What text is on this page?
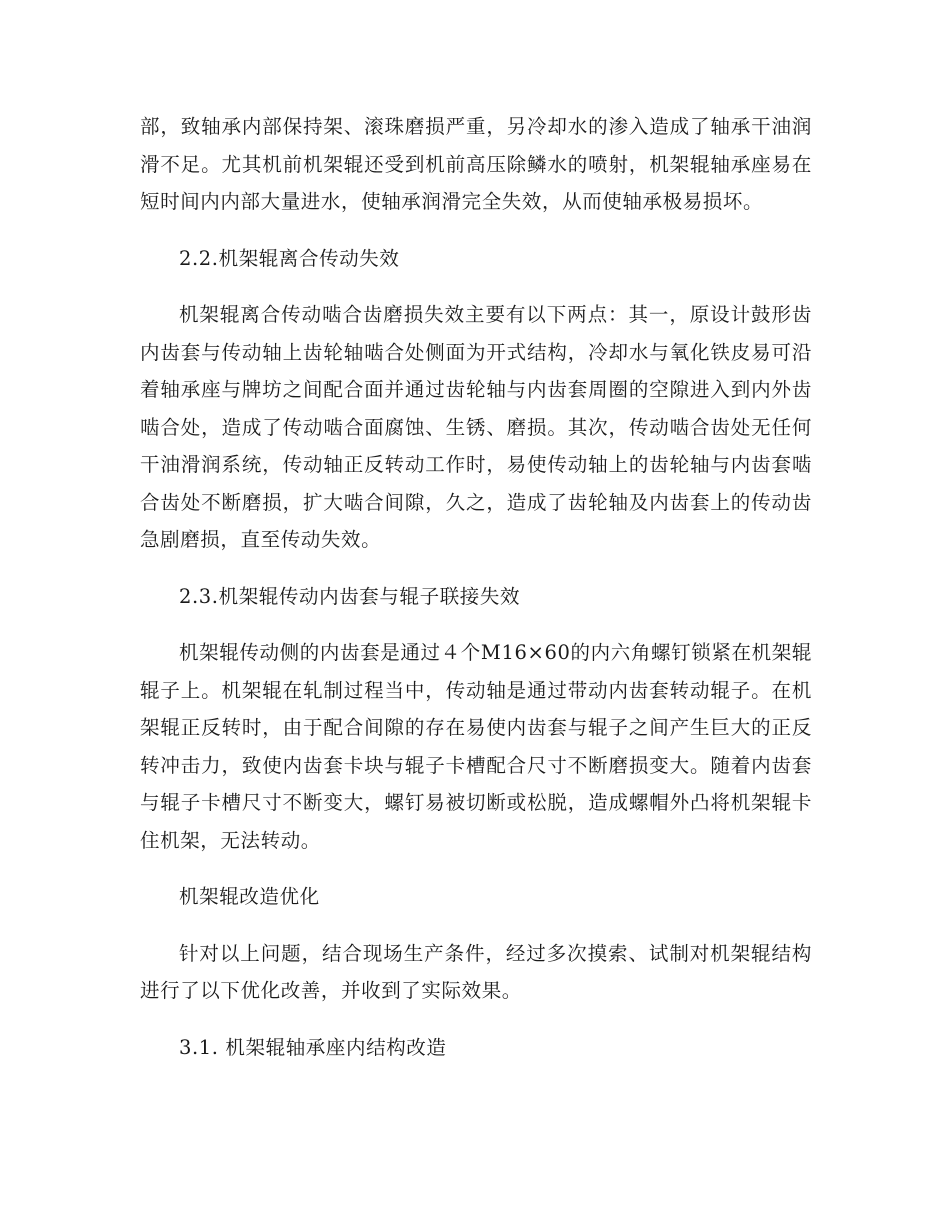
部，致轴承内部保持架、滚珠磨损严重，另冷却水的渗入造成了轴承干油润滑不足。尤其机前机架辊还受到机前高压除鳞水的喷射，机架辊轴承座易在短时间内内部大量进水，使轴承润滑完全失效，从而使轴承极易损坏。

2.2.机架辊离合传动失效

机架辊离合传动啮合齿磨损失效主要有以下两点：其一，原设计鼓形齿内齿套与传动轴上齿轮轴啮合处侧面为开式结构，冷却水与氧化铁皮易可沿着轴承座与牌坊之间配合面并通过齿轮轴与内齿套周圈的空隙进入到内外齿啮合处，造成了传动啮合面腐蚀、生锈、磨损。其次，传动啮合齿处无任何干油滑润系统，传动轴正反转动工作时，易使传动轴上的齿轮轴与内齿套啮合齿处不断磨损，扩大啮合间隙，久之，造成了齿轮轴及内齿套上的传动齿急剧磨损，直至传动失效。

2.3.机架辊传动内齿套与辊子联接失效

机架辊传动侧的内齿套是通过４个M16×60的内六角螺钉锁紧在机架辊辊子上。机架辊在轧制过程当中，传动轴是通过带动内齿套转动辊子。在机架辊正反转时，由于配合间隙的存在易使内齿套与辊子之间产生巨大的正反转冲击力，致使内齿套卡块与辊子卡槽配合尺寸不断磨损变大。随着内齿套与辊子卡槽尺寸不断变大，螺钉易被切断或松脱，造成螺帽外凸将机架辊卡住机架，无法转动。

机架辊改造优化

针对以上问题，结合现场生产条件，经过多次摸索、试制对机架辊结构进行了以下优化改善，并收到了实际效果。

3.1. 机架辊轴承座内结构改造
